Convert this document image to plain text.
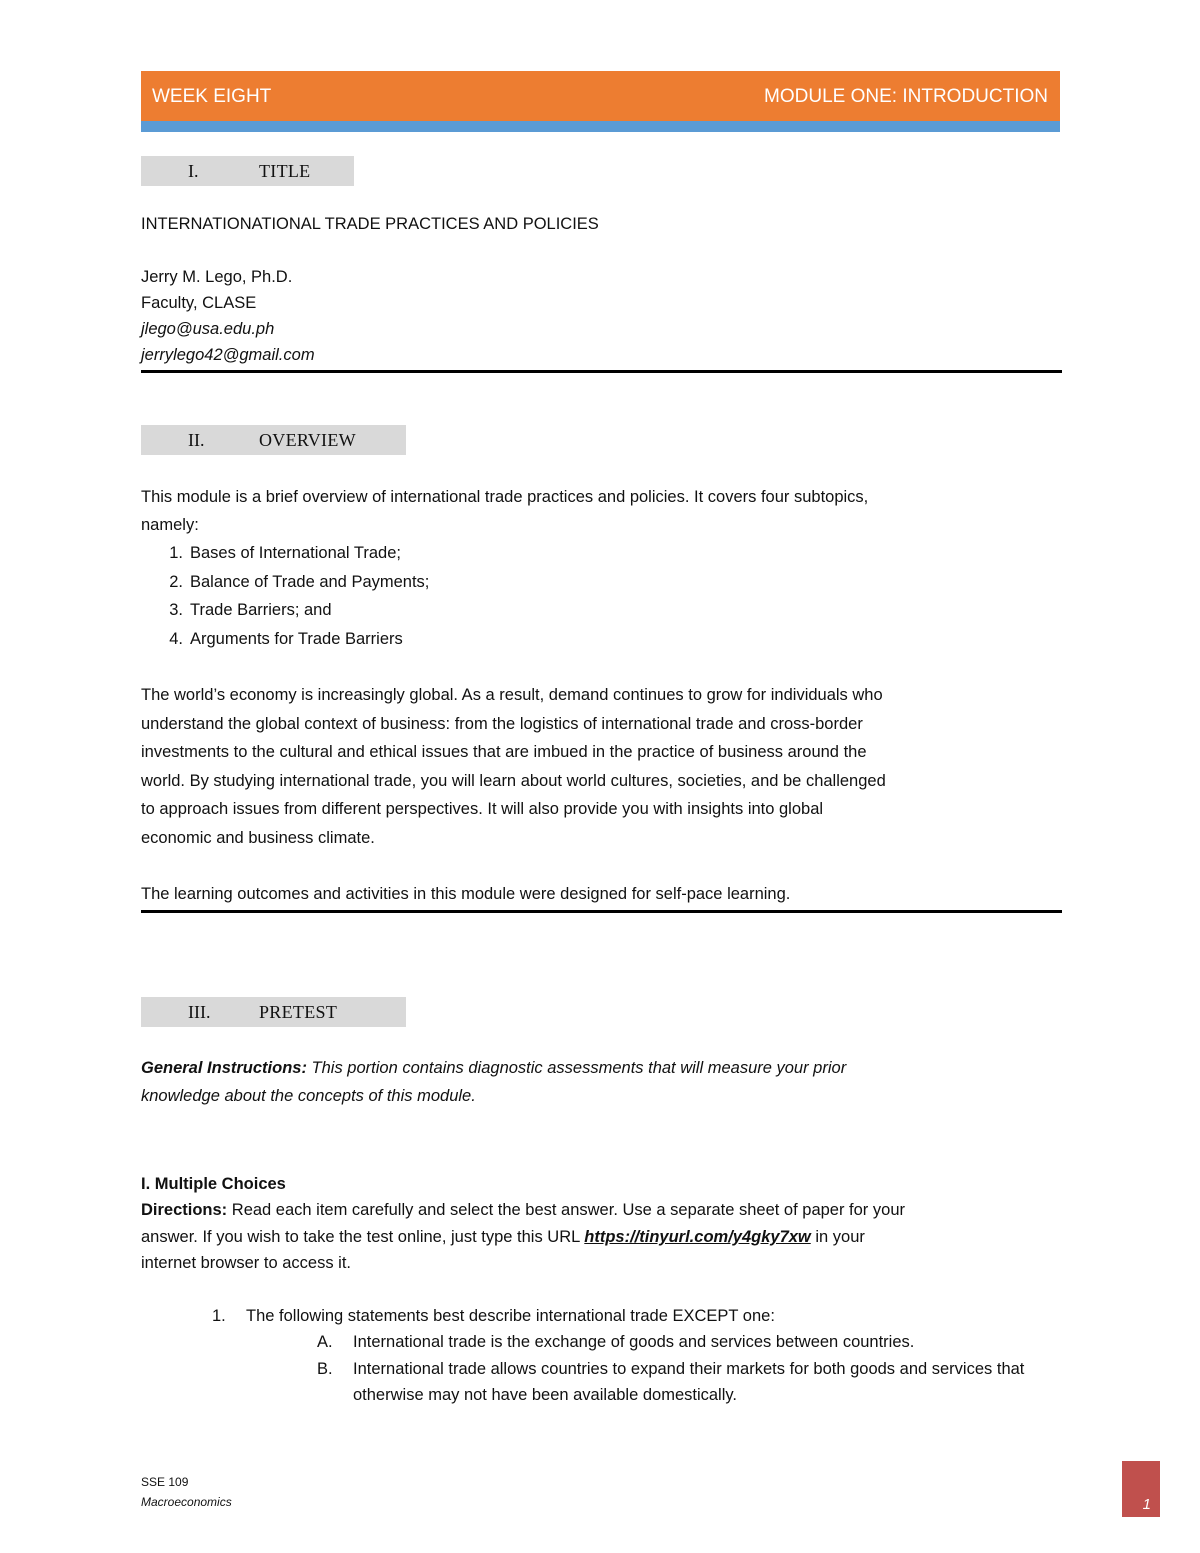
WEEK EIGHT	MODULE ONE: INTRODUCTION
I.	TITLE
INTERNATIONATIONAL TRADE PRACTICES AND POLICIES
Jerry M. Lego, Ph.D.
Faculty, CLASE
jlego@usa.edu.ph
jerrylego42@gmail.com
II.	OVERVIEW
This module is a brief overview of international trade practices and policies. It covers four subtopics,
namely:
1. Bases of International Trade;
2. Balance of Trade and Payments;
3. Trade Barriers; and
4. Arguments for Trade Barriers
The world’s economy is increasingly global. As a result, demand continues to grow for individuals who
understand the global context of business: from the logistics of international trade and cross-border
investments to the cultural and ethical issues that are imbued in the practice of business around the
world. By studying international trade, you will learn about world cultures, societies, and be challenged
to approach issues from different perspectives. It will also provide you with insights into global
economic and business climate.
The learning outcomes and activities in this module were designed for self-pace learning.
III.	PRETEST
General Instructions: This portion contains diagnostic assessments that will measure your prior
knowledge about the concepts of this module.
I. Multiple Choices
Directions: Read each item carefully and select the best answer. Use a separate sheet of paper for your
answer. If you wish to take the test online, just type this URL https://tinyurl.com/y4gky7xw in your
internet browser to access it.
1. The following statements best describe international trade EXCEPT one:
A. International trade is the exchange of goods and services between countries.
B. International trade allows countries to expand their markets for both goods and services that otherwise may not have been available domestically.
SSE 109
Macroeconomics	1
